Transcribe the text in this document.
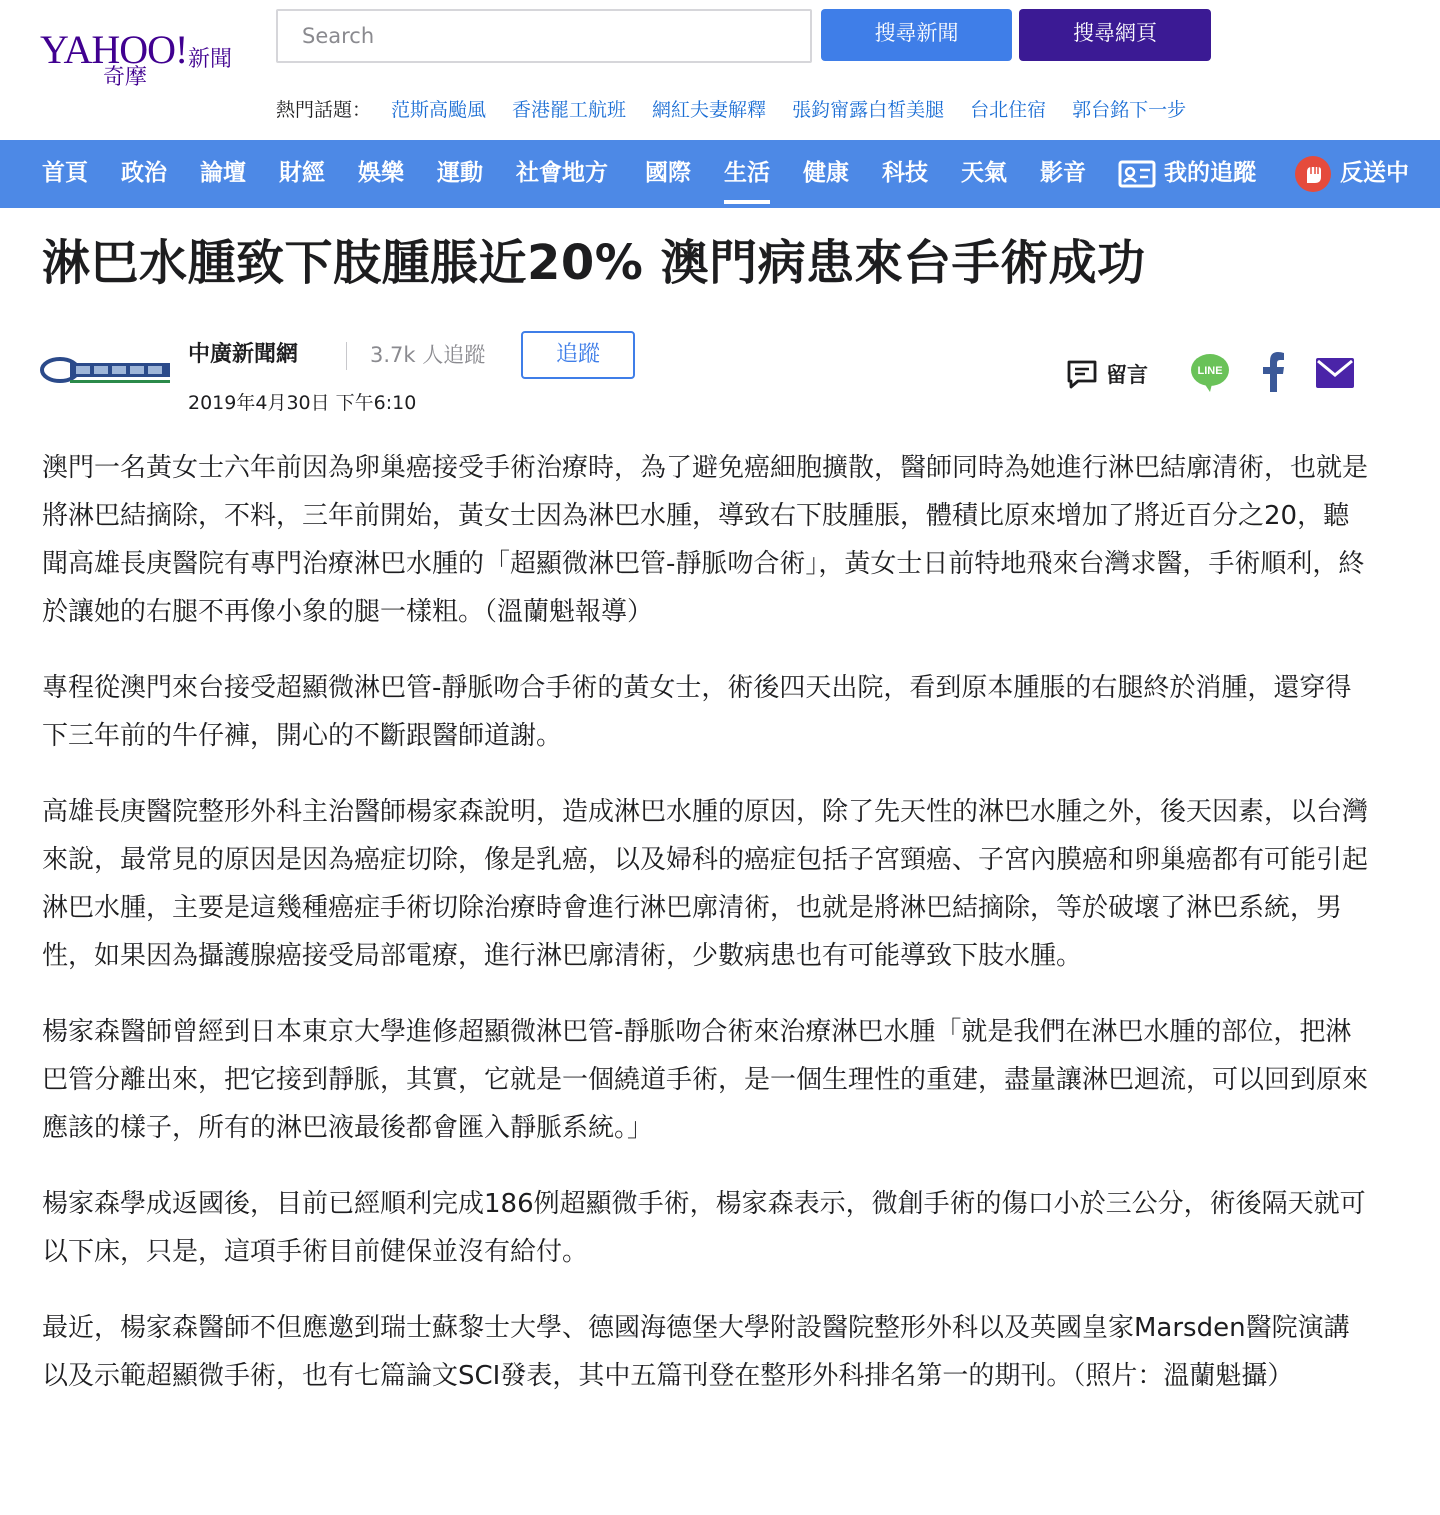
YAHOO!
奇摩
新聞
Search	搜尋新聞	搜尋網頁
熱門話題： 范斯高颱風 香港罷工航班 網紅夫妻解釋 張鈞甯露白皙美腿 台北住宿 郭台銘下一步
首頁 政治 論壇 財經 娛樂 運動 社會地方 國際 生活 健康 科技 天氣 影音	我的追蹤	反送中
淋巴水腫致下肢腫脹近20% 澳門病患來台手術成功
中廣新聞網	3.7k 人追蹤	追蹤
2019年4月30日 下午6:10
留言	LINE

澳門一名黃女士六年前因為卵巢癌接受手術治療時，為了避免癌細胞擴散，醫師同時為她進行淋巴結廓清術，也就是將淋巴結摘除，不料，三年前開始，黃女士因為淋巴水腫，導致右下肢腫脹，體積比原來增加了將近百分之20，聽聞高雄長庚醫院有專門治療淋巴水腫的「超顯微淋巴管-靜脈吻合術」，黃女士日前特地飛來台灣求醫，手術順利，終於讓她的右腿不再像小象的腿一樣粗。（溫蘭魁報導）

專程從澳門來台接受超顯微淋巴管-靜脈吻合手術的黃女士，術後四天出院，看到原本腫脹的右腿終於消腫，還穿得下三年前的牛仔褲，開心的不斷跟醫師道謝。

高雄長庚醫院整形外科主治醫師楊家森說明，造成淋巴水腫的原因，除了先天性的淋巴水腫之外，後天因素，以台灣來說，最常見的原因是因為癌症切除，像是乳癌，以及婦科的癌症包括子宮頸癌、子宮內膜癌和卵巢癌都有可能引起淋巴水腫，主要是這幾種癌症手術切除治療時會進行淋巴廓清術，也就是將淋巴結摘除，等於破壞了淋巴系統，男性，如果因為攝護腺癌接受局部電療，進行淋巴廓清術，少數病患也有可能導致下肢水腫。

楊家森醫師曾經到日本東京大學進修超顯微淋巴管-靜脈吻合術來治療淋巴水腫「就是我們在淋巴水腫的部位，把淋巴管分離出來，把它接到靜脈，其實，它就是一個繞道手術，是一個生理性的重建，盡量讓淋巴迴流，可以回到原來應該的樣子，所有的淋巴液最後都會匯入靜脈系統。」

楊家森學成返國後，目前已經順利完成186例超顯微手術，楊家森表示，微創手術的傷口小於三公分，術後隔天就可以下床，只是，這項手術目前健保並沒有給付。

最近，楊家森醫師不但應邀到瑞士蘇黎士大學、德國海德堡大學附設醫院整形外科以及英國皇家Marsden醫院演講以及示範超顯微手術，也有七篇論文SCI發表，其中五篇刊登在整形外科排名第一的期刊。（照片：溫蘭魁攝）
